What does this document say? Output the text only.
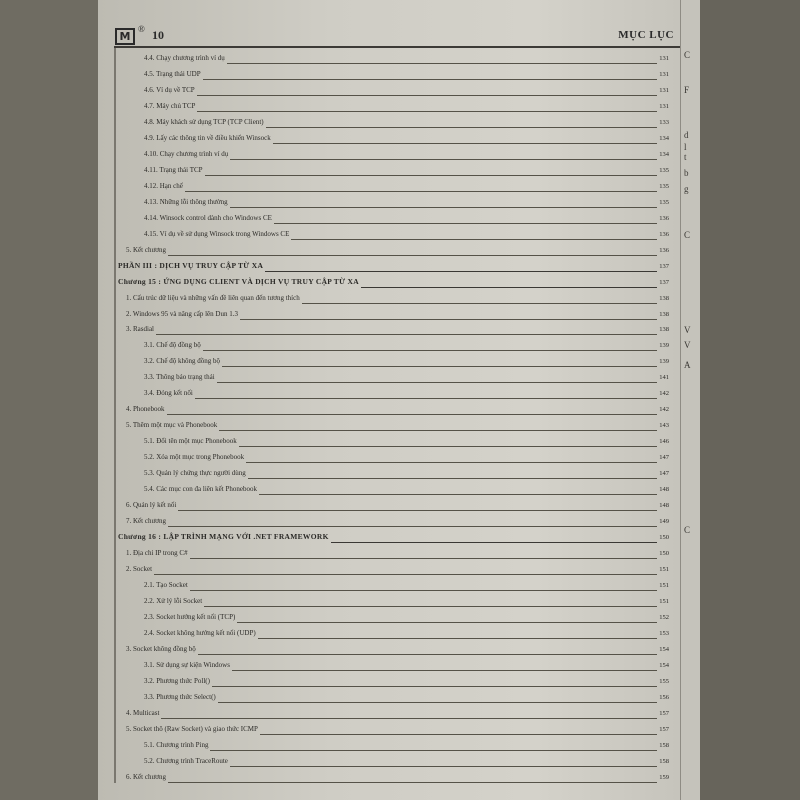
M
® 10	MỤC LỤC
4.4. Chạy chương trình ví dụ	131
4.5. Trạng thái UDP	131
4.6. Ví dụ về TCP	131
4.7. Máy chủ TCP	131
4.8. Máy khách sử dụng TCP (TCP Client)	133
4.9. Lấy các thông tin về điều khiển Winsock	134
4.10. Chạy chương trình ví dụ	134
4.11. Trạng thái TCP	135
4.12. Hạn chế	135
4.13. Những lỗi thông thường	135
4.14. Winsock control dành cho Windows CE	136
4.15. Ví dụ về sử dụng Winsock trong Windows CE	136
5. Kết chương	136
PHẦN III : DỊCH VỤ TRUY CẬP TỪ XA	137
Chương 15 : ỨNG DỤNG CLIENT VÀ DỊCH VỤ TRUY CẬP TỪ XA	137
1. Cấu trúc dữ liệu và những vấn đề liên quan đến tương thích	138
2. Windows 95 và nâng cấp lên Dun 1.3	138
3. Rasdial	138
3.1. Chế độ đồng bộ	139
3.2. Chế độ không đồng bộ	139
3.3. Thông báo trạng thái	141
3.4. Đóng kết nối	142
4. Phonebook	142
5. Thêm một mục và Phonebook	143
5.1. Đổi tên một mục Phonebook	146
5.2. Xóa một mục trong Phonebook	147
5.3. Quản lý chứng thực người dùng	147
5.4. Các mục con đa liên kết Phonebook	148
6. Quản lý kết nối	148
7. Kết chương	149
Chương 16 : LẬP TRÌNH MẠNG VỚI .NET FRAMEWORK	150
1. Địa chỉ IP trong C#	150
2. Socket	151
2.1. Tạo Socket	151
2.2. Xử lý lỗi Socket	151
2.3. Socket hướng kết nối (TCP)	152
2.4. Socket không hướng kết nối (UDP)	153
3. Socket không đồng bộ	154
3.1. Sử dụng sự kiện Windows	154
3.2. Phương thức Poll()	155
3.3. Phương thức Select()	156
4. Multicast	157
5. Socket thô (Raw Socket) và giao thức ICMP	157
5.1. Chương trình Ping	158
5.2. Chương trình TraceRoute	158
6. Kết chương	159
C
F
d
l
t
b
g
C
V
V
A
C
